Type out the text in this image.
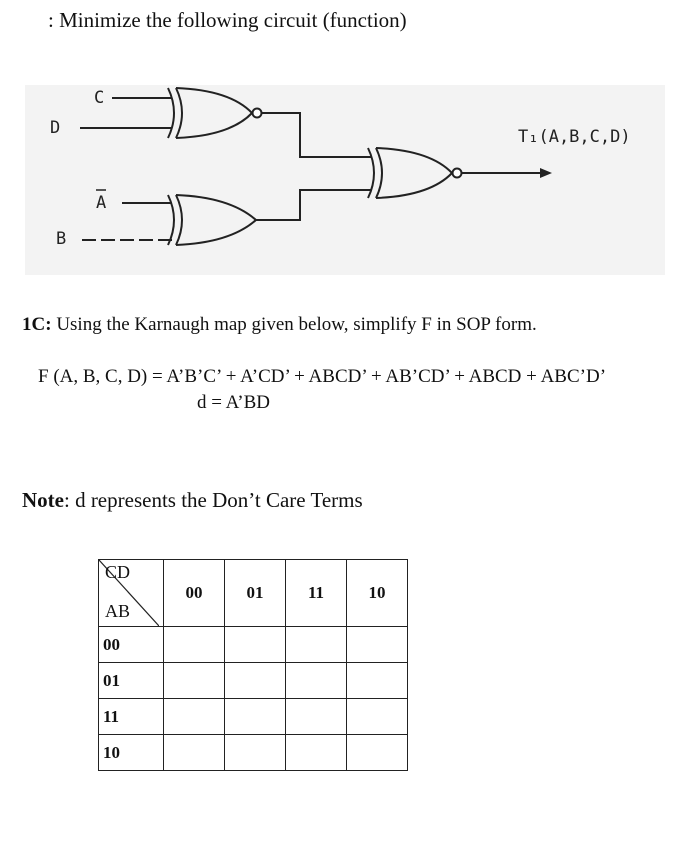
: Minimize the following circuit (function)
C
D
A
B
T₁(A,B,C,D)
1C: Using the Karnaugh map given below, simplify F in SOP form.
F (A, B, C, D) = A’B’C’ + A’CD’ + ABCD’ + AB’CD’ + ABCD + ABC’D’
d = A’BD
Note: d represents the Don’t Care Terms
CD
AB	00	01	11	10
00				
01				
11				
10				
